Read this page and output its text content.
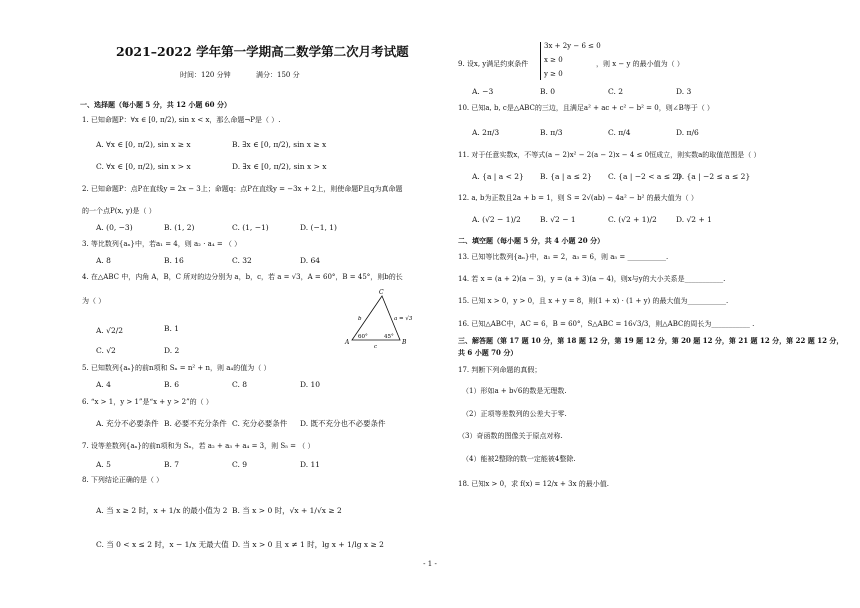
2021–2022 学年第一学期高二数学第二次月考试题
时间：120 分钟	满分：150 分
一、选择题（每小题 5 分，共 12 小题 60 分）
1. 已知命题P：∀x ∈ [0, π/2), sin x < x，那么命题¬P是（ ）.
A. ∀x ∈ [0, π/2), sin x ≥ x	B. ∃x ∈ [0, π/2), sin x ≥ x
C. ∀x ∈ [0, π/2), sin x > x	D. ∃x ∈ [0, π/2), sin x > x
2. 已知命题P：点P在直线y = 2x − 3上；命题q：点P在直线y = −3x + 2上，则使命题P且q为真命题
的一个点P(x, y)是（ ）
A. (0, −3)	B. (1, 2)	C. (1, −1)	D. (−1, 1)
3. 等比数列{aₙ}中，若a₁ = 4，则 a₂ · a₄ = （ ）
A. 8	B. 16	C. 32	D. 64
4. 在△ABC 中，内角 A，B，C 所对的边分别为 a，b，c，若 a = √3，A = 60°，B = 45°，则b的长
为（ ）
A. √2/2	B. 1
C. √2	D. 2
C
A	B
b	a = √3
c
60°	45°
5. 已知数列{aₙ}的前n项和 Sₙ = n² + n，则 a₄的值为（ ）
A. 4	B. 6	C. 8	D. 10
6. “x > 1，y > 1”是“x + y > 2”的（ ）
A. 充分不必要条件 B. 必要不充分条件 C. 充分必要条件 D. 既不充分也不必要条件
7. 设等差数列{aₙ}的前n项和为 Sₙ，若 a₂ + a₃ + a₄ = 3，则 S₅ = （ ）
A. 5	B. 7	C. 9	D. 11
8. 下列结论正确的是（ ）
A. 当 x ≥ 2 时，x + 1/x 的最小值为 2 B. 当 x > 0 时，√x + 1/√x ≥ 2
C. 当 0 < x ≤ 2 时，x − 1/x 无最大值 D. 当 x > 0 且 x ≠ 1 时，lg x + 1/lg x ≥ 2
9. 设x, y满足约束条件
3x + 2y − 6 ≤ 0
x ≥ 0
y ≥ 0
，则 x − y 的最小值为（ ）
A. −3	B. 0	C. 2	D. 3
10. 已知a, b, c是△ABC的三边，且满足a² + ac + c² − b² = 0，则∠B等于（ ）
A. 2π/3	B. π/3	C. π/4	D. π/6
11. 对于任意实数x，不等式(a − 2)x² − 2(a − 2)x − 4 ≤ 0恒成立，则实数a的取值范围是（ ）
A. {a | a < 2} B. {a | a ≤ 2} C. {a | −2 < a ≤ 2}
D. {a | −2 ≤ a ≤ 2}
12. a, b为正数且2a + b = 1，则 S = 2√(ab) − 4a² − b² 的最大值为（ ）
A. (√2 − 1)/2	B. √2 − 1	C. (√2 + 1)/2	D. √2 + 1
二、填空题（每小题 5 分，共 4 小题 20 分）
13. 已知等比数列{aₙ}中，a₁ = 2，a₃ = 6，则 a₅ = ___________.
14. 若 x = (a + 2)(a − 3)，y = (a + 3)(a − 4)，则x与y的大小关系是___________.
15. 已知 x > 0，y > 0，且 x + y = 8，则(1 + x) · (1 + y) 的最大值为___________.
16. 已知△ABC中，AC = 6，B = 60°，S△ABC = 16√3/3，则△ABC的周长为___________ .
三、解答题（第 17 题 10 分，第 18 题 12 分，第 19 题 12 分，第 20 题 12 分，第 21 题 12 分，第 22 题 12 分，
共 6 小题 70 分）
17. 判断下列命题的真假；
（1）形如a + b√6的数是无理数.
（2）正项等差数列的公差大于零.
（3）奇函数的图像关于原点对称.
（4）能被2整除的数一定能被4整除.
18. 已知x > 0，求 f(x) = 12/x + 3x 的最小值.
- 1 -
